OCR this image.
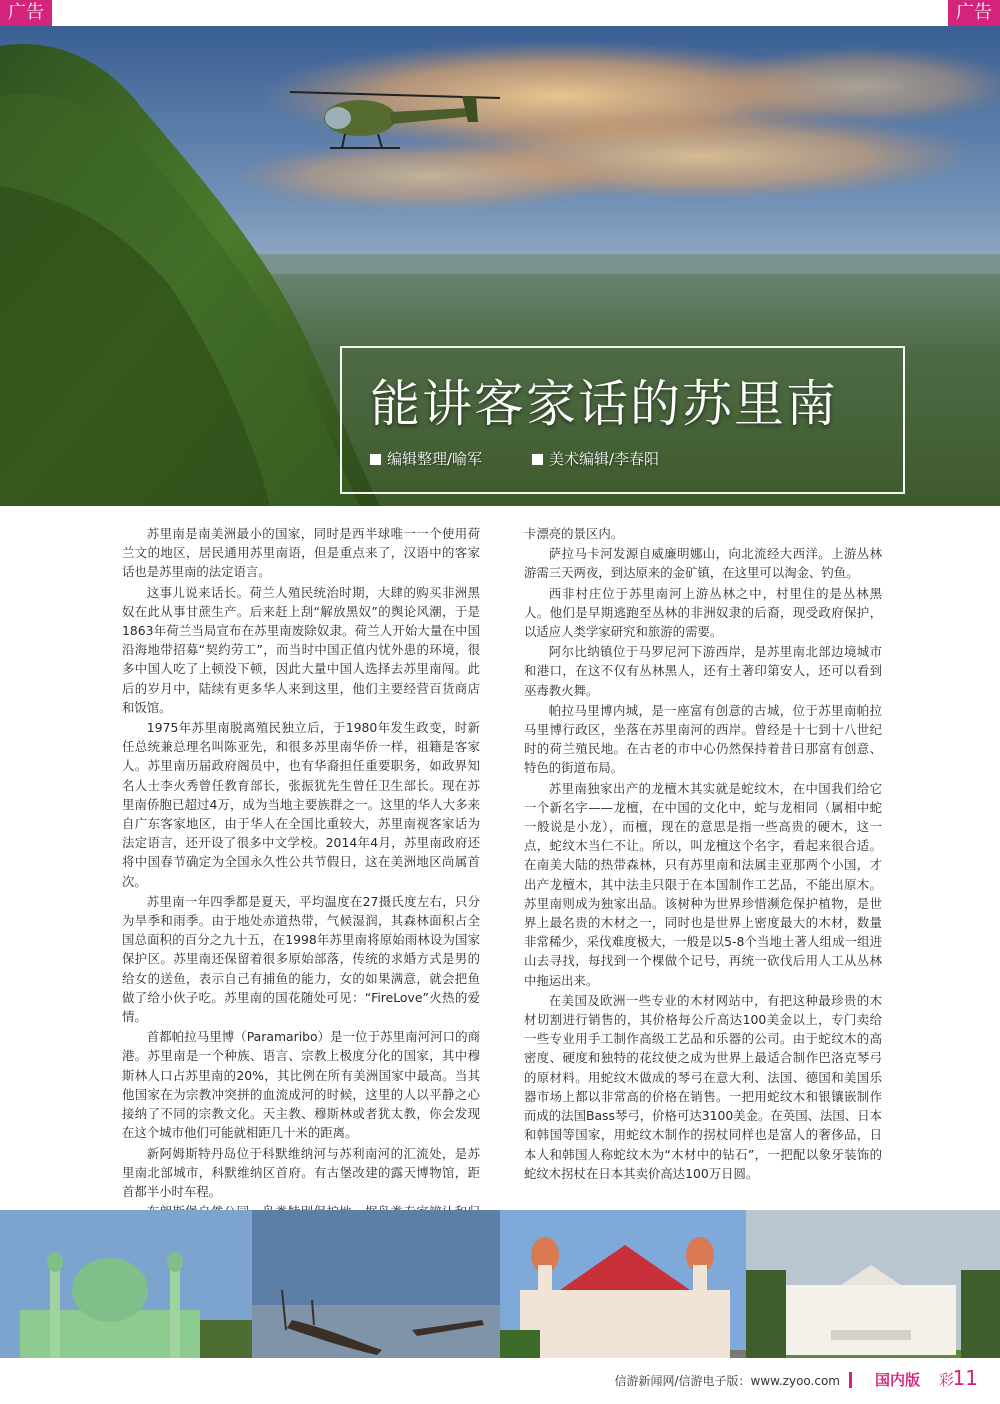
广告	广告
能讲客家话的苏里南
编辑整理/喻军	美术编辑/李春阳

苏里南是南美洲最小的国家，同时是西半球唯一一个使用荷兰文的地区，居民通用苏里南语，但是重点来了，汉语中的客家话也是苏里南的法定语言。

这事儿说来话长。荷兰人殖民统治时期，大肆的购买非洲黑奴在此从事甘蔗生产。后来赶上刮“解放黑奴”的舆论风潮，于是1863年荷兰当局宣布在苏里南废除奴隶。荷兰人开始大量在中国沿海地带招募“契约劳工”，而当时中国正值内忧外患的环境，很多中国人吃了上顿没下顿，因此大量中国人选择去苏里南闯。此后的岁月中，陆续有更多华人来到这里，他们主要经营百货商店和饭馆。

1975年苏里南脱离殖民独立后，于1980年发生政变，时新任总统兼总理名叫陈亚先，和很多苏里南华侨一样，祖籍是客家人。苏里南历届政府阁员中，也有华裔担任重要职务，如政界知名人士李火秀曾任教育部长，张振犹先生曾任卫生部长。现在苏里南侨胞已超过4万，成为当地主要族群之一。这里的华人大多来自广东客家地区，由于华人在全国比重较大，苏里南视客家话为法定语言，还开设了很多中文学校。2014年4月，苏里南政府还将中国春节确定为全国永久性公共节假日，这在美洲地区尚属首次。

苏里南一年四季都是夏天，平均温度在27摄氏度左右，只分为旱季和雨季。由于地处赤道热带，气候湿润，其森林面积占全国总面积的百分之九十五，在1998年苏里南将原始雨林设为国家保护区。苏里南还保留着很多原始部落，传统的求婚方式是男的给女的送鱼，表示自己有捕鱼的能力，女的如果满意，就会把鱼做了给小伙子吃。苏里南的国花随处可见：“FireLove”火热的爱情。

首都帕拉马里博（Paramaribo）是一位于苏里南河河口的商港。苏里南是一个种族、语言、宗教上极度分化的国家，其中穆斯林人口占苏里南的20%，其比例在所有美洲国家中最高。当其他国家在为宗教冲突拼的血流成河的时候，这里的人以平静之心接纳了不同的宗教文化。天主教、穆斯林或者犹太教，你会发现在这个城市他们可能就相距几十米的距离。

新阿姆斯特丹岛位于科默维纳河与苏利南河的汇流处，是苏里南北部城市，科默维纳区首府。有古堡改建的露天博物馆，距首都半小时车程。

卡漂亮的景区内。

萨拉马卡河发源自威廉明娜山，向北流经大西洋。上游丛林游需三天两夜，到达原来的金矿镇，在这里可以淘金、钓鱼。

西非村庄位于苏里南河上游丛林之中，村里住的是丛林黑人。他们是早期逃跑至丛林的非洲奴隶的后裔，现受政府保护，以适应人类学家研究和旅游的需要。

阿尔比纳镇位于马罗尼河下游西岸，是苏里南北部边境城市和港口，在这不仅有丛林黑人，还有土著印第安人，还可以看到巫毒教火舞。

帕拉马里博内城，是一座富有创意的古城，位于苏里南帕拉马里博行政区，坐落在苏里南河的西岸。曾经是十七到十八世纪时的荷兰殖民地。在古老的市中心仍然保持着昔日那富有创意、特色的街道布局。

苏里南独家出产的龙檀木其实就是蛇纹木，在中国我们给它一个新名字——龙檀，在中国的文化中，蛇与龙相同（属相中蛇一般说是小龙），而檀，现在的意思是指一些高贵的硬木，这一点，蛇纹木当仁不让。所以，叫龙檀这个名字，看起来很合适。在南美大陆的热带森林，只有苏里南和法属圭亚那两个小国，才出产龙檀木，其中法圭只限于在本国制作工艺品，不能出原木。苏里南则成为独家出品。该树种为世界珍惜濒危保护植物，是世界上最名贵的木材之一，同时也是世界上密度最大的木材，数量非常稀少，采伐难度极大，一般是以5-8个当地土著人组成一组进山去寻找，每找到一个棵做个记号，再统一砍伐后用人工从丛林中拖运出来。

在美国及欧洲一些专业的木材网站中，有把这种最珍贵的木材切割进行销售的，其价格每公斤高达100美金以上，专门卖给一些专业用手工制作高级工艺品和乐器的公司。由于蛇纹木的高密度、硬度和独特的花纹使之成为世界上最适合制作巴洛克琴弓的原材料。用蛇纹木做成的琴弓在意大利、法国、德国和美国乐器市场上都以非常高的价格在销售。一把用蛇纹木和银镶嵌制作而成的法国Bass琴弓，价格可达3100美金。在英国、法国、日本和韩国等国家，用蛇纹木制作的拐杖同样也是富人的奢侈品，日本人和韩国人称蛇纹木为“木材中的钻石”，一把配以象牙装饰的蛇纹木拐杖在日本其卖价高达100万日圆。

信游新闻网/信游电子版：www.zyoo.com 国内版 彩
11
